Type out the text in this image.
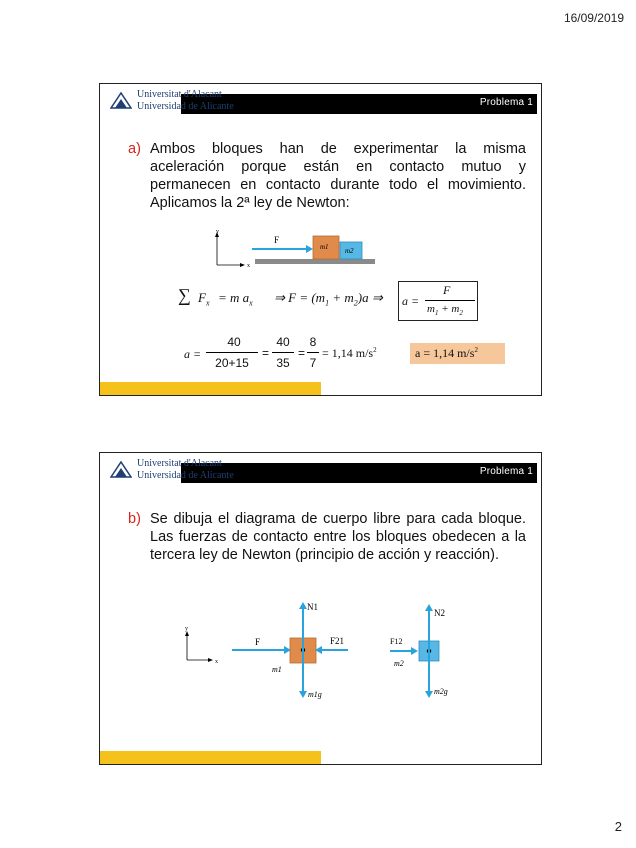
16/09/2019
Problema 1
Universitat d'Alacant
Universidad de Alicante
a) Ambos bloques han de experimentar la misma aceleración porque están en contacto mutuo y permanecen en contacto durante todo el movimiento. Aplicamos la 2ª ley de Newton:
y
x
F
m1 m2
∑ $F_x = m$ $a_x$ ⇒ $F = (m_1 + m_2)a$ ⇒ a =
F
$m_1 + m_2$
a =
40
20+15
=
40
35
=
8
7
= 1,14 $m/s^2$	a = 1,14 $m/s^2$
Problema 1
Universitat d'Alacant
Universidad de Alicante
b) Se dibuja el diagrama de cuerpo libre para cada bloque. Las fuerzas de contacto entre los bloques obedecen a la tercera ley de Newton (principio de acción y reacción).
y
x
N1
m1g
F	F21
m1
N2
m2g
F12
m2
2
